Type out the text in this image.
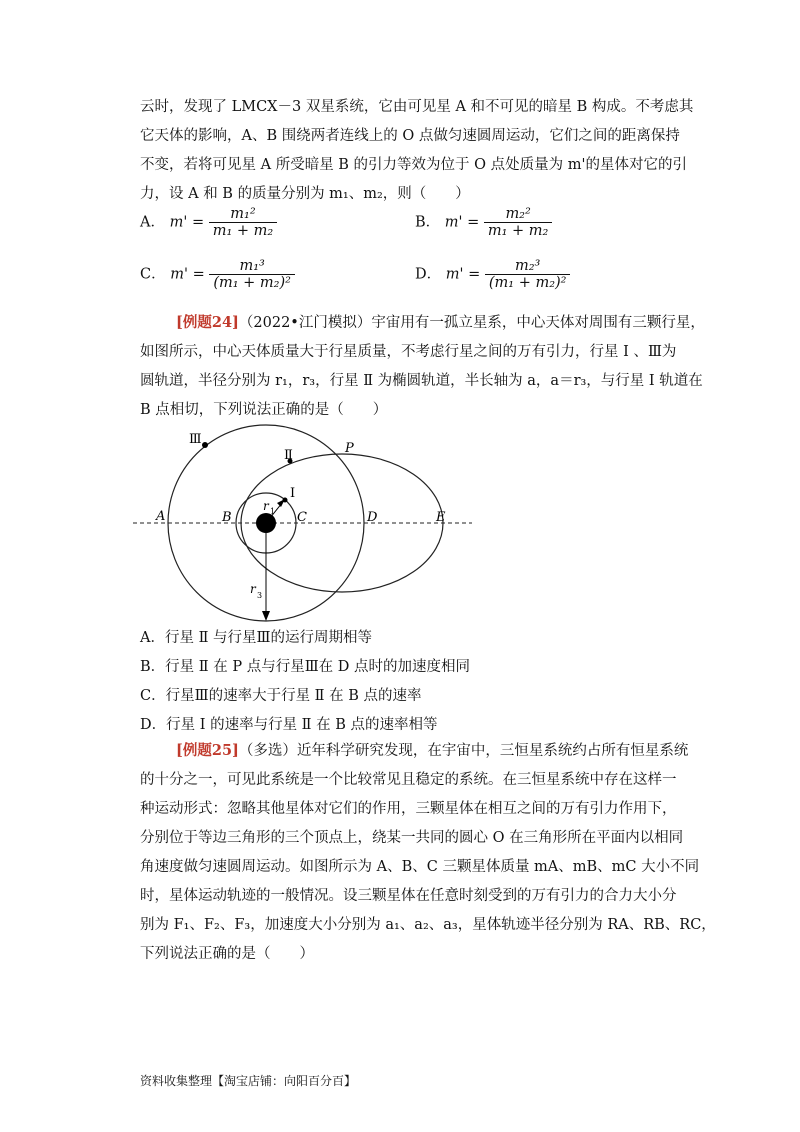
云时，发现了 LMCX－3 双星系统，它由可见星 A 和不可见的暗星 B 构成。不考虑其
它天体的影响，A、B 围绕两者连线上的 O 点做匀速圆周运动，它们之间的距离保持
不变，若将可见星 A 所受暗星 B 的引力等效为位于 O 点处质量为 m'的星体对它的引
力，设 A 和 B 的质量分别为 m₁、m₂，则（　　）
A． $m' = \frac{\text{m₁²}}{\text{m₁ + m₂}}$	B． $m' = \frac{\text{m₂²}}{\text{m₁ + m₂}}$
C． $m' = \frac{\text{m₁³}}{\text{(m₁ + m₂)²}}$	D． $m' = \frac{\text{m₂³}}{\text{(m₁ + m₂)²}}$
[例题24]（2022•江门模拟）宇宙用有一孤立星系，中心天体对周围有三颗行星，
如图所示，中心天体质量大于行星质量，不考虑行星之间的万有引力，行星 Ⅰ 、Ⅲ为
圆轨道，半径分别为 r₁，r₃，行星 Ⅱ 为椭圆轨道，半长轴为 a，a＝r₃，与行星 Ⅰ 轨道在
B 点相切，下列说法正确的是（　　）
Ⅲ
Ⅱ
I
P
A	B	C	D	E
r 1
r 3
A．行星 Ⅱ 与行星Ⅲ的运行周期相等
B．行星 Ⅱ 在 P 点与行星Ⅲ在 D 点时的加速度相同
C．行星Ⅲ的速率大于行星 Ⅱ 在 B 点的速率
D．行星 Ⅰ 的速率与行星 Ⅱ 在 B 点的速率相等
[例题25]（多选）近年科学研究发现，在宇宙中，三恒星系统约占所有恒星系统
的十分之一，可见此系统是一个比较常见且稳定的系统。在三恒星系统中存在这样一
种运动形式：忽略其他星体对它们的作用，三颗星体在相互之间的万有引力作用下，
分别位于等边三角形的三个顶点上，绕某一共同的圆心 O 在三角形所在平面内以相同
角速度做匀速圆周运动。如图所示为 A、B、C 三颗星体质量 mA、mB、mC 大小不同
时，星体运动轨迹的一般情况。设三颗星体在任意时刻受到的万有引力的合力大小分
别为 F₁、F₂、F₃，加速度大小分别为 a₁、a₂、a₃，星体轨迹半径分别为 RA、RB、RC，
下列说法正确的是（　　）
资料收集整理【淘宝店铺：向阳百分百】
